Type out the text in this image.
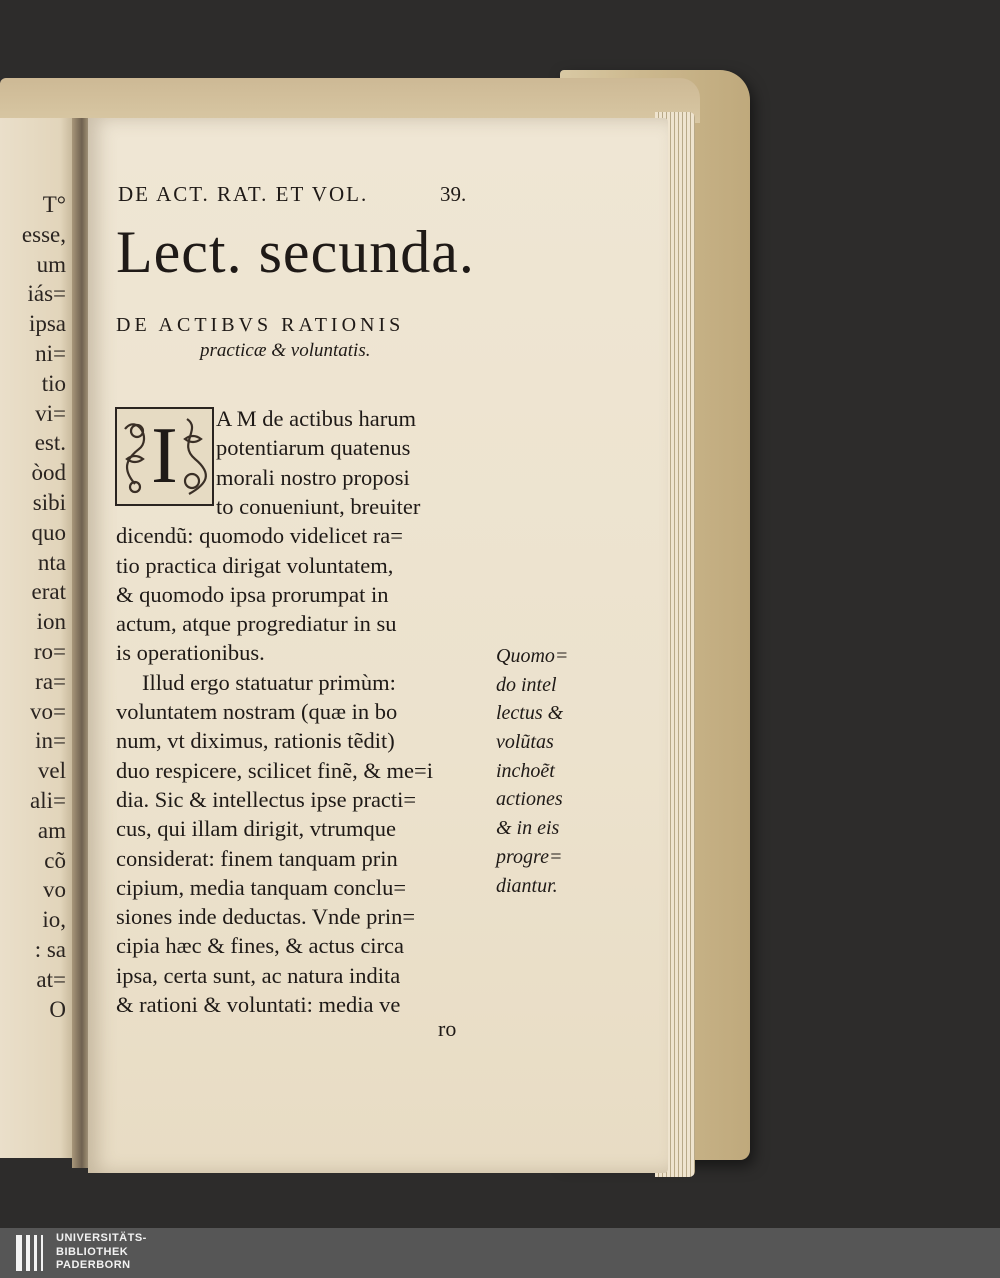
T°
esse,
um
iás=
ipsa
ni=
tio
vi=
est.
òod
sibi
quo
nta
erat
ion
ro=
ra=
vo=
in=
vel
ali=
am
cõ
vo
io,
: sa
at=
O
DE ACT. RAT. ET VOL.	39.
Lect. secunda.
DE ACTIBVS RATIONIS
practicæ & voluntatis.
I	A M de actibus harum
potentiarum quatenus
morali nostro proposi
to conueniunt, breuiter
dicendũ: quomodo videlicet ra=
tio practica dirigat voluntatem,
& quomodo ipsa prorumpat in
actum, atque progrediatur in su
is operationibus.
Illud ergo statuatur primùm:
voluntatem nostram (quæ in bo
num, vt diximus, rationis tẽdit)
duo respicere, scilicet finẽ, & me=i
dia. Sic & intellectus ipse practi=
cus, qui illam dirigit, vtrumque
considerat: finem tanquam prin
cipium, media tanquam conclu=
siones inde deductas. Vnde prin=
cipia hæc & fines, & actus circa
ipsa, certa sunt, ac natura indita
& rationi & voluntati: media ve
Quomo=
do intel
lectus &
volũtas
inchoẽt
actiones
& in eis
progre=
diantur.
ro
UNIVERSITÄTS-
BIBLIOTHEK
PADERBORN
